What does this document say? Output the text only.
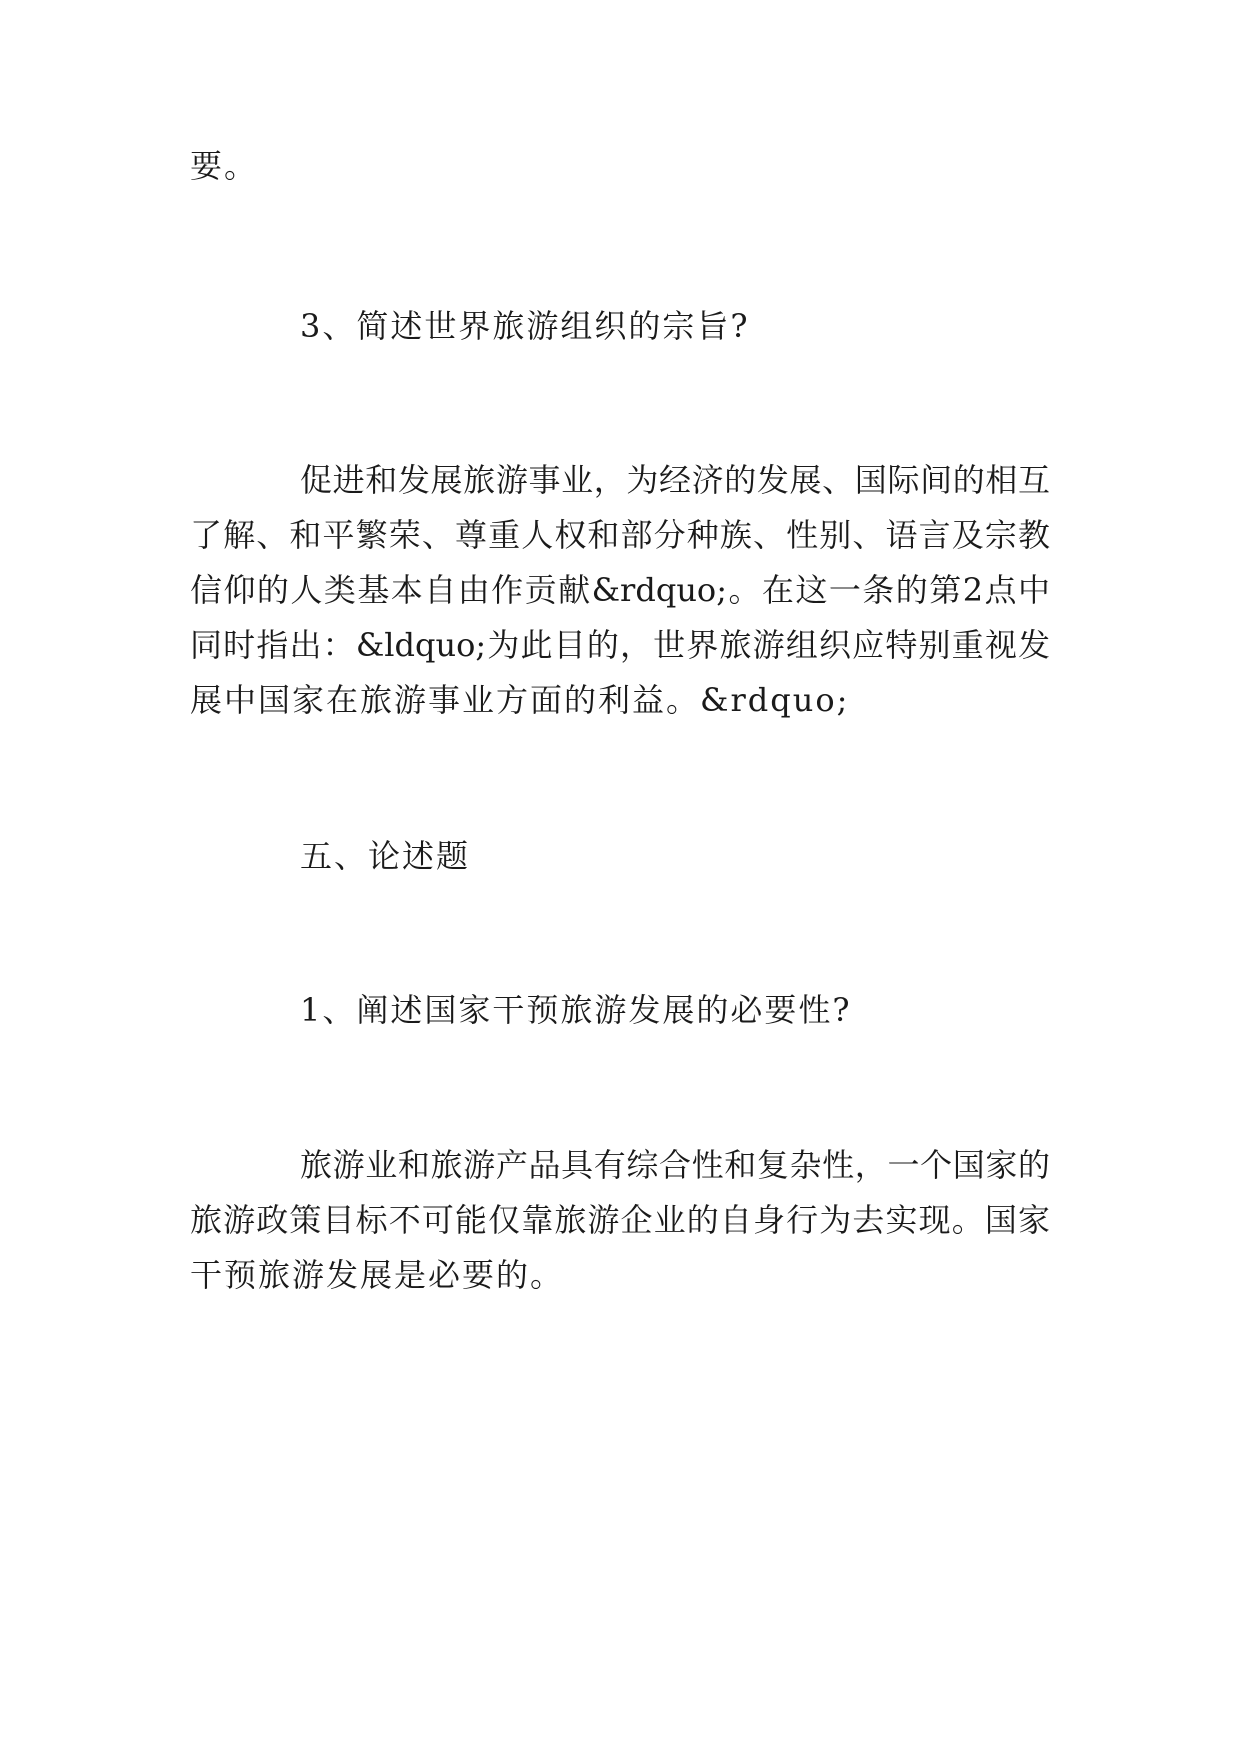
要。
3、简述世界旅游组织的宗旨?
促进和发展旅游事业，为经济的发展、国际间的相互
了解、和平繁荣、尊重人权和部分种族、性别、语言及宗教
信仰的人类基本自由作贡献&rdquo;。在这一条的第2点中
同时指出：&ldquo;为此目的，世界旅游组织应特别重视发
展中国家在旅游事业方面的利益。&rdquo;
五、论述题
1、阐述国家干预旅游发展的必要性?
旅游业和旅游产品具有综合性和复杂性，一个国家的
旅游政策目标不可能仅靠旅游企业的自身行为去实现。国家
干预旅游发展是必要的。
